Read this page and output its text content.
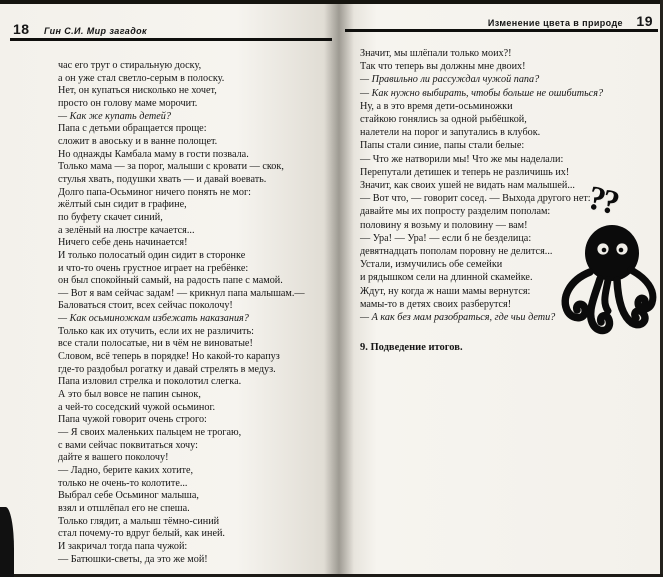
18 Гин С.И. Мир загадок
Изменение цвета в природе 19
час его трут о стиральную доску,
а он уже стал светло-серым в полоску.
Нет, он купаться нисколько не хочет,
просто он голову маме морочит.
— Как же купать детей?
Папа с детьми обращается проще:
сложит в авоську и в ванне полощет.
Но однажды Камбала маму в гости позвала.
Только мама — за порог, малыши с кровати — скок,
стулья хвать, подушки хвать — и давай воевать.
Долго папа-Осьминог ничего понять не мог:
жёлтый сын сидит в графине,
по буфету скачет синий,
а зелёный на люстре качается...
Ничего себе день начинается!
И только полосатый один сидит в сторонке
и что-то очень грустное играет на гребёнке:
он был спокойный самый, на радость папе с мамой.
— Вот я вам сейчас задам! — крикнул папа малышам.—
Баловаться стоит, всех сейчас поколочу!
— Как осьминожкам избежать наказания?
Только как их отучить, если их не различить:
все стали полосатые, ни в чём не виноватые!
Словом, всё теперь в порядке! Но какой-то карапуз
где-то раздобыл рогатку и давай стрелять в медуз.
Папа изловил стрелка и поколотил слегка.
А это был вовсе не папин сынок,
а чей-то соседский чужой осьминог.
Папа чужой говорит очень строго:
— Я своих маленьких пальцем не трогаю,
с вами сейчас поквитаться хочу:
дайте я вашего поколочу!
— Ладно, берите каких хотите,
только не очень-то колотите...
Выбрал себе Осьминог малыша,
взял и отшлёпал его не спеша.
Только глядит, а малыш тёмно-синий
стал почему-то вдруг белый, как иней.
И закричал тогда папа чужой:
— Батюшки-светы, да это же мой!
Значит, мы шлёпали только моих?!
Так что теперь вы должны мне двоих!
— Правильно ли рассуждал чужой папа?
— Как нужно выбирать, чтобы больше не ошибиться?
Ну, а в это время дети-осьминожки
стайкою гонялись за одной рыбёшкой,
налетели на порог и запутались в клубок.
Папы стали синие, папы стали белые:
— Что же натворили мы! Что же мы наделали:
Перепутали детишек и теперь не различишь их!
Значит, как своих ушей не видать нам малышей...
— Вот что, — говорит сосед. — Выхода другого нет:
давайте мы их попросту разделим пополам:
половину я возьму и половину — вам!
— Ура! — Ура! — если б не безделица:
девятнадцать пополам поровну не делится...
Устали, измучились обе семейки
и рядышком сели на длинной скамейке.
Ждут, ну когда ж наши мамы вернутся:
мамы-то в детях своих разберутся!
— А как без мам разобраться, где чьи дети?
9. Подведение итогов.
??
